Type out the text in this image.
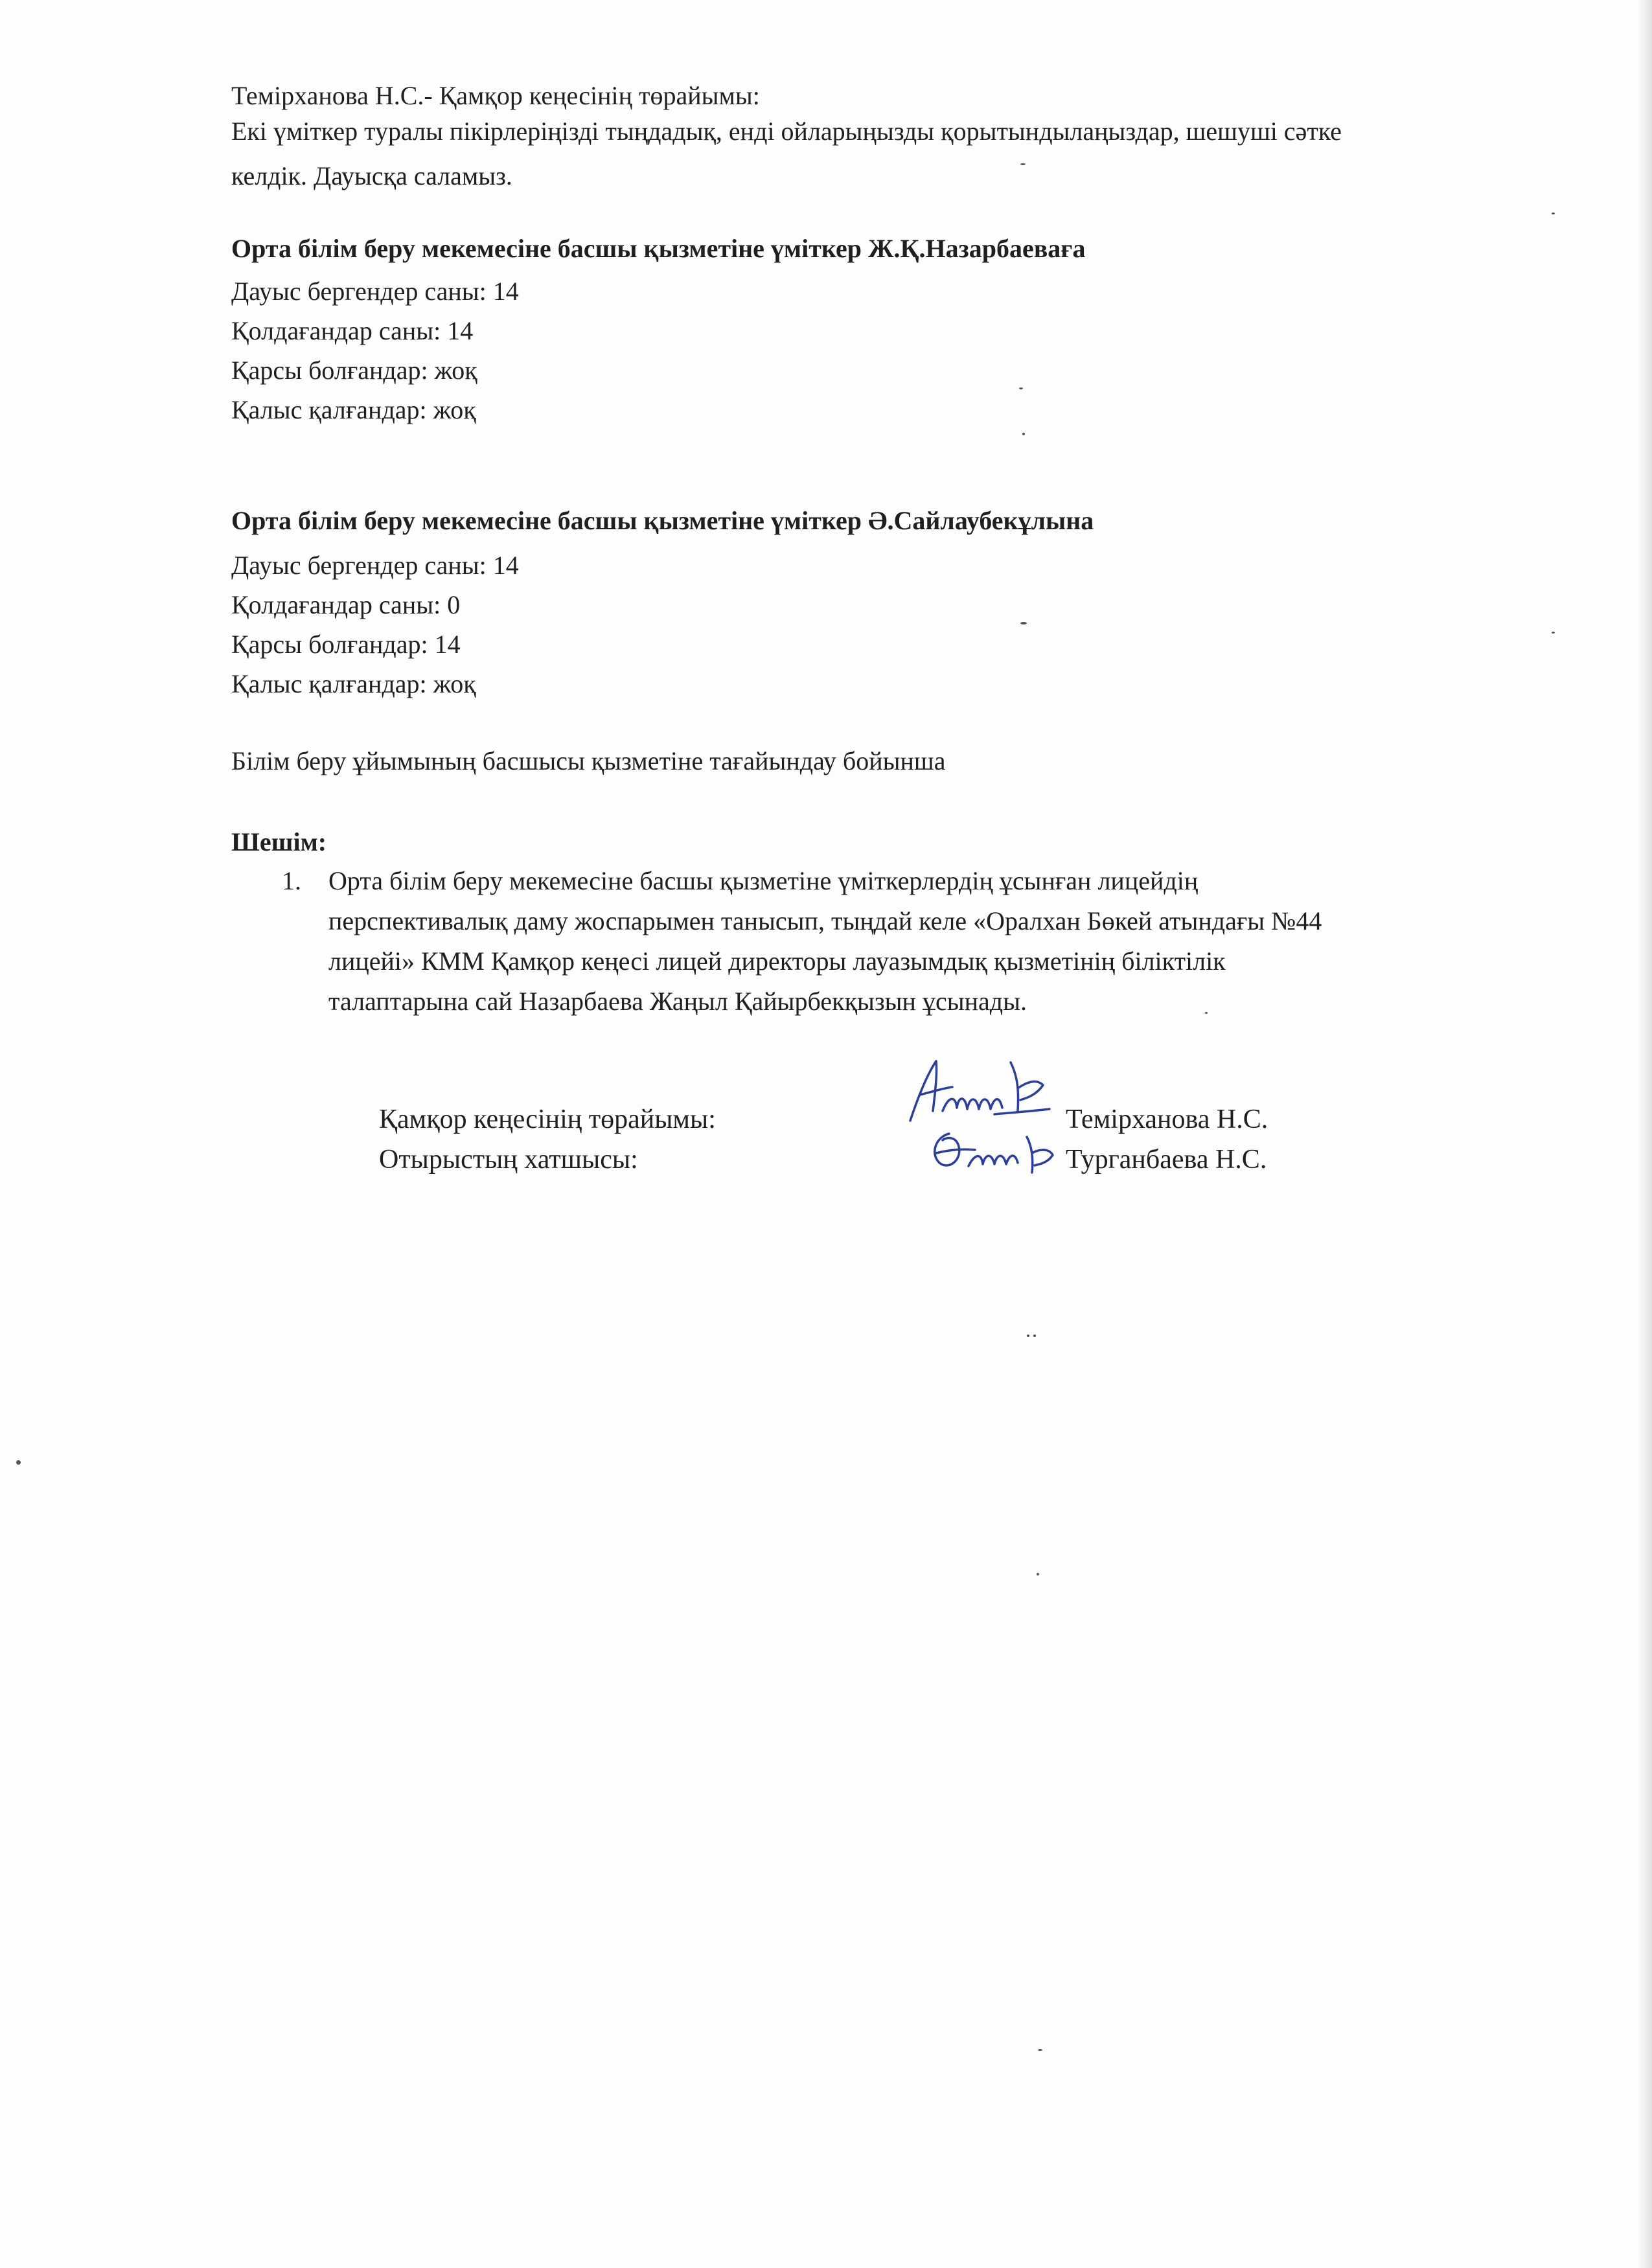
Темірханова Н.С.- Қамқор кеңесінің төрайымы:
Екі үміткер туралы пікірлеріңізді тыңдадық, енді ойларыңызды қорытындылаңыздар, шешуші сәтке
келдік. Дауысқа саламыз.
Орта білім беру мекемесіне басшы қызметіне үміткер Ж.Қ.Назарбаеваға
Дауыс бергендер саны: 14
Қолдағандар саны: 14
Қарсы болғандар: жоқ
Қалыс қалғандар: жоқ
Орта білім беру мекемесіне басшы қызметіне үміткер Ә.Сайлаубекұлына
Дауыс бергендер саны: 14
Қолдағандар саны: 0
Қарсы болғандар: 14
Қалыс қалғандар: жоқ
Білім беру ұйымының басшысы қызметіне тағайындау бойынша
Шешім:
1. Орта білім беру мекемесіне басшы қызметіне үміткерлердің ұсынған лицейдің
перспективалық даму жоспарымен танысып, тыңдай келе «Оралхан Бөкей атындағы №44
лицейі» КММ Қамқор кеңесі лицей директоры лауазымдық қызметінің біліктілік
талаптарына сай Назарбаева Жаңыл Қайырбекқызын ұсынады.
Қамқор кеңесінің төрайымы:
Отырыстың хатшысы:
Темірханова Н.С.
Турганбаева Н.С.
